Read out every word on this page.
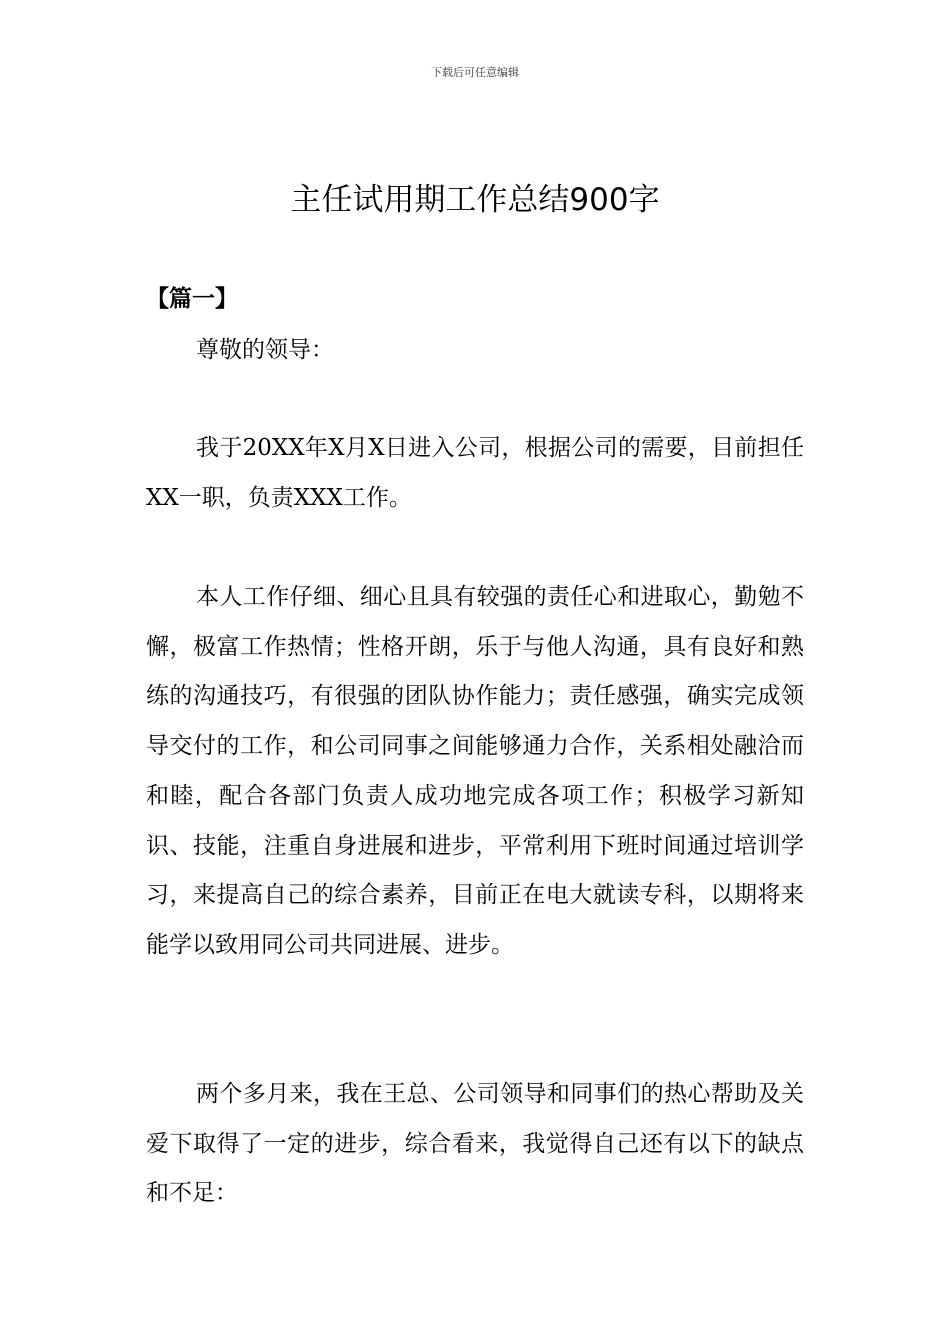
下载后可任意编辑
主任试用期工作总结900字
【篇一】
尊敬的领导：

我于20XX年X月X日进入公司，根据公司的需要，目前担任XX一职，负责XXX工作。

本人工作仔细、细心且具有较强的责任心和进取心，勤勉不懈，极富工作热情；性格开朗，乐于与他人沟通，具有良好和熟练的沟通技巧，有很强的团队协作能力；责任感强，确实完成领导交付的工作，和公司同事之间能够通力合作，关系相处融洽而和睦，配合各部门负责人成功地完成各项工作；积极学习新知识、技能，注重自身进展和进步，平常利用下班时间通过培训学习，来提高自己的综合素养，目前正在电大就读专科，以期将来能学以致用同公司共同进展、进步。

两个多月来，我在王总、公司领导和同事们的热心帮助及关爱下取得了一定的进步，综合看来，我觉得自己还有以下的缺点和不足：
